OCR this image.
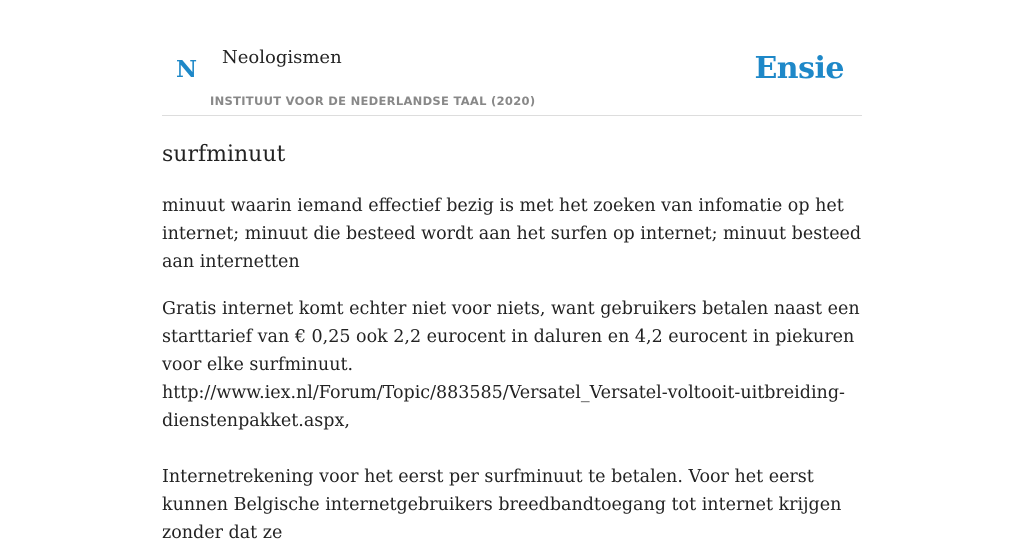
N Neologismen
INSTITUUT VOOR DE NEDERLANDSE TAAL (2020)
Ensie
surfminuut

minuut waarin iemand effectief bezig is met het zoeken van infomatie op het internet; minuut die besteed wordt aan het surfen op internet; minuut besteed aan internetten

Gratis internet komt echter niet voor niets, want gebruikers betalen naast een starttarief van € 0,25 ook 2,2 eurocent in daluren en 4,2 eurocent in piekuren voor elke surfminuut.

http://www.iex.nl/Forum/Topic/883585/Versatel_Versatel-voltooit-uitbreiding-dienstenpakket.aspx,

Internetrekening voor het eerst per surfminuut te betalen. Voor het eerst kunnen Belgische internetgebruikers breedbandtoegang tot internet krijgen zonder dat ze
